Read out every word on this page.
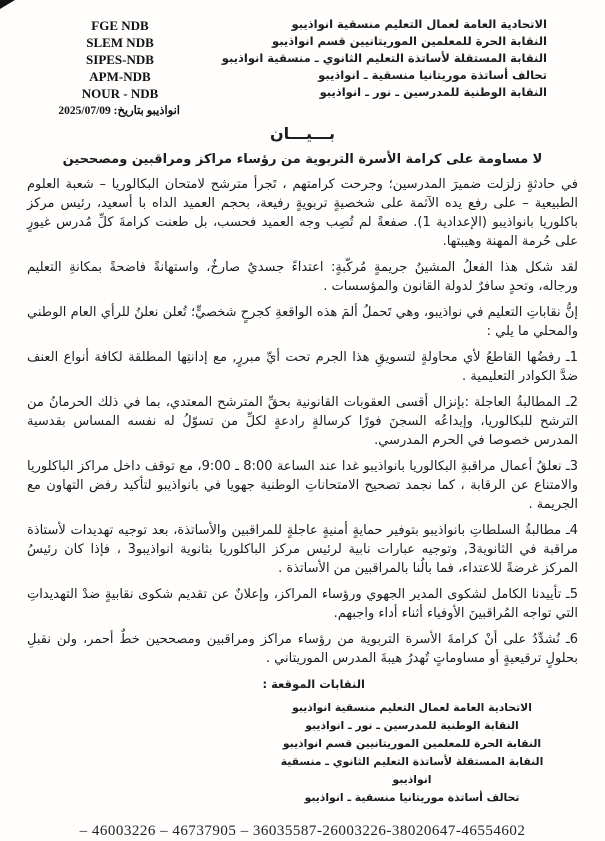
الاتحادية العامة لعمال التعليم منسقية انواذيبو
النقابة الحرة للمعلمين الموريتانيين قسم انواذيبو
النقابة المستقلة لأساتذة التعليم الثانوي ـ منسقية انواذيبو
تحالف أساتذة موريتانيا منسقية ـ انواذيبو
النقابة الوطنية للمدرسين ـ نور ـ انواذيبو
FGE NDB
SLEM NDB
SIPES-NDB
APM-NDB
NOUR - NDB
انواذيبو بتاريخ: 2025/07/09
بـــيـــان
لا مساومة على كرامة الأسرة التربوية من رؤساء مراكز ومراقبين ومصححين

في حادثةٍ زلزلت ضميرَ المدرسين؛ وجرحت كرامتهم ، تَجرأ مترشح لامتحان البكالوريا – شعبة العلوم الطبيعية – على رفع يده الآثمة على شخصيةٍ تربويةٍ رفيعة، بحجم العميد الداه با أسعيد، رئيس مركز باكلوريا بانواذيبو (الإعدادية 1). صفعةً لم تُصِب وجه العميد فحسب، بل طعنت كرامةَ كلِّ مُدرس غيورٍ على حُرمة المهنة وهيبتها.

لقد شكل هذا الفعلُ المشينُ جريمةٍ مُركّبةٍ: اعتداءً جسديٌ صارخٌ، واستهانةً فاضحةً بمكانةِ التعليم ورجاله، وتحدٍ سافرٌ لدولة القانون والمؤسسات .

إنُّ نقاباتِ التعليم في نواذيبو، وهي تَحملُ ألمَ هذه الواقعةِ كجرحٍ شخصيٍّ؛ تُعلن نعلنُ للرأي العام الوطني والمحلي ما يلي :

1ـ رفضُها القاطعُ لأي محاولةٍ لتسويقِ هذا الجرم تحت أيِّ مبررٍ, مع إدانتِها المطلقة لكافة أنواع العنف ضدَّ الكوادر التعليمية .

2ـ المطالبةُ العاجلة :بإنزال أقسى العقوبات القانونية بحقِّ المترشح المعتدي، بما في ذلك الحرمانُ من الترشح للبكالوريا، وإيداعُه السجنَ فورًا كرسالةٍ رادعةٍ لكلِّ من تسوّلُ له نفسه المساس بقدسية المدرس خصوصا في الحرم المدرسي.

3ـ نعلقُ أعمال مراقبةِ البكالوريا بانواذيبو غدا عند الساعة 8:00 ـ 9:00، مع توقف داخل مراكز الباكلوريا والامتناع عن الرقابة ، كما نجمد تصحيح الامتحاناتِ الوطنية جهويا في بانواذيبو لتأكيد رفض التهاون مع الجريمة .

4ـ مطالبةُ السلطاتِ بانواذيبو بتوفير حمايةٍ أمنيةٍ عاجلةٍ للمراقبين والأساتذة، بعد توجيه تهديدات لأستاذة مراقبة في الثانوية3, وتوجيه عبارات نابية لرئيس مركز الباكلوريا بثانوية انواذيبو3 ، فإذا كان رئيسُ المركز غرضةً للاعتداء، فما بالُنا بالمراقبين من الأساتذة .

5ـ تأييدنا الكامل لشكوى المدير الجهوي ورؤساء المراكز، وإعلانٌ عن تقديم شكوى نقابيةٍ ضدْ التهديداتِ التي تواجه المُراقبينَ الأوفياء أثناء أداء واجبهم.

6ـ نُشدِّدُ على أنْ كرامةَ الأسرة التربوية من رؤساء مراكز ومراقبين ومصححين خطٌ أحمر، ولن نقبلِ بحلولٍ ترقيعيةٍ أو مساوماتٍ تُهدرُ هيبةَ المدرس الموريتاني .

النقابات الموقعة :
الاتحادية العامة لعمال التعليم منسقية انواذيبو
النقابة الوطنية للمدرسين ـ نور ـ انواذيبو
النقابة الحرة للمعلمين الموريتانيين قسم انواذيبو
النقابة المستقلة لأساتذة التعليم الثانوي ـ منسقية انواذيبو
تحالف أساتذة موريتانيا منسقية ـ انواذيبو
– 46003226 – 46737905 – 36035587-26003226-38020647-46554602
